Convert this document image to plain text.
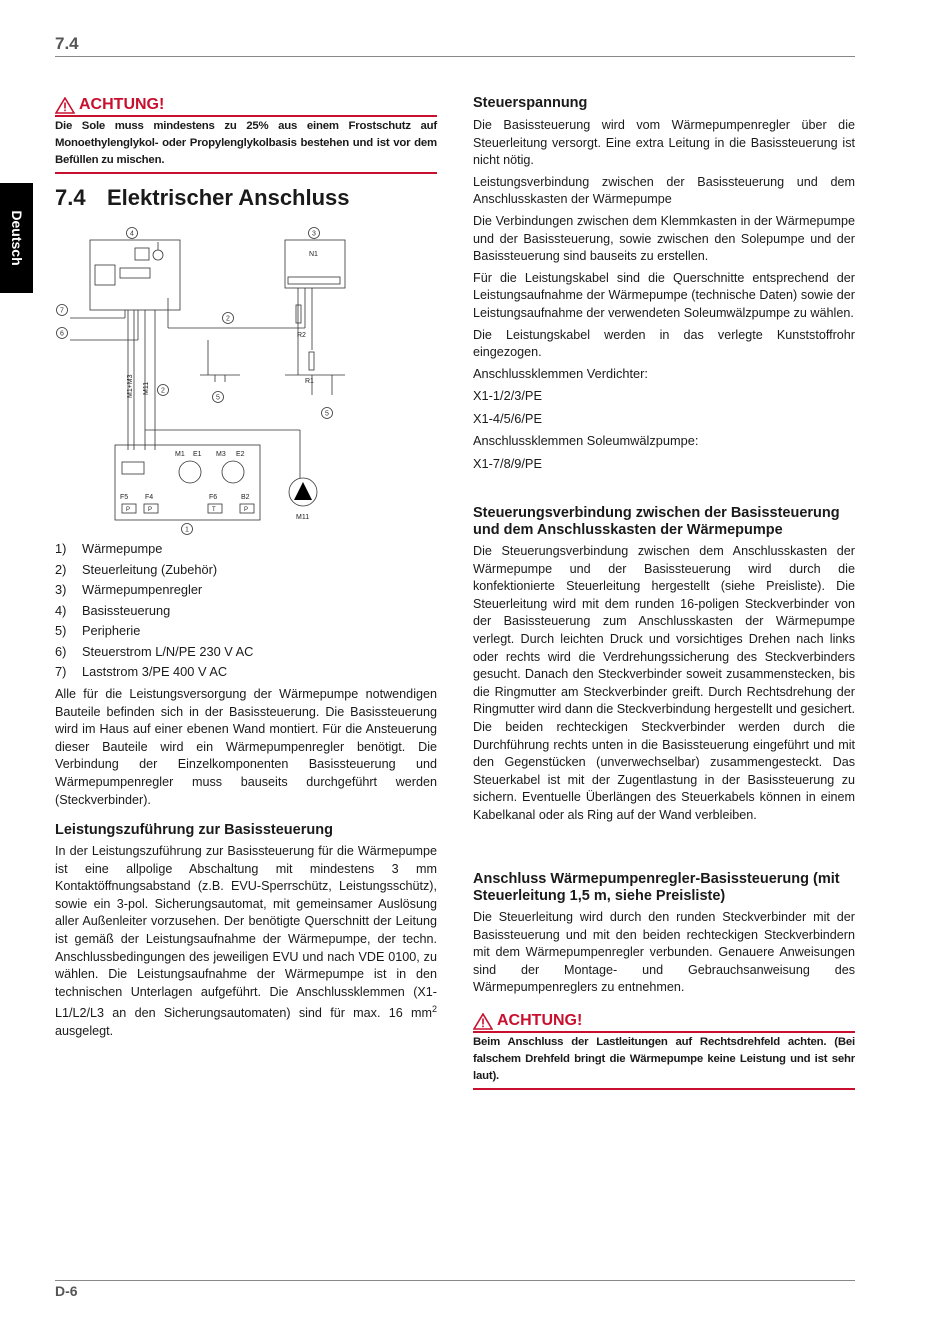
7.4
Deutsch
ACHTUNG!
Die Sole muss mindestens zu 25% aus einem Frostschutz auf Monoethylenglykol- oder Propylenglykolbasis bestehen und ist vor dem Befüllen zu mischen.
7.4 Elektrischer Anschluss
4	3
7
6
2
2
5
5
1
N1
R2
R1
M1+M3 M11
M1 E1 M3 E2
F5 F4	F6	B2
P	P	T	P
M11
1)	Wärmepumpe
2)	Steuerleitung (Zubehör)
3)	Wärmepumpenregler
4)	Basissteuerung
5)	Peripherie
6)	Steuerstrom L/N/PE 230 V AC
7)	Laststrom 3/PE 400 V AC

Alle für die Leistungsversorgung der Wärmepumpe notwendigen Bauteile befinden sich in der Basissteuerung. Die Basissteuerung wird im Haus auf einer ebenen Wand montiert. Für die Ansteuerung dieser Bauteile wird ein Wärmepumpenregler benötigt. Die Verbindung der Einzelkomponenten Basissteuerung und Wärmepumpenregler muss bauseits durchgeführt werden (Steckverbinder).

Leistungszuführung zur Basissteuerung

In der Leistungszuführung zur Basissteuerung für die Wärmepumpe ist eine allpolige Abschaltung mit mindestens 3 mm Kontaktöffnungsabstand (z.B. EVU-Sperrschütz, Leistungsschütz), sowie ein 3-pol. Sicherungsautomat, mit gemeinsamer Auslösung aller Außenleiter vorzusehen. Der benötigte Querschnitt der Leitung ist gemäß der Leistungsaufnahme der Wärmepumpe, der techn. Anschlussbedingungen des jeweiligen EVU und nach VDE 0100, zu wählen. Die Leistungsaufnahme der Wärmepumpe ist in den technischen Unterlagen aufgeführt. Die Anschlussklemmen (X1-L1/L2/L3 an den Sicherungsautomaten) sind für max. 16 $mm^2$ ausgelegt.

Steuerspannung

Die Basissteuerung wird vom Wärmepumpenregler über die Steuerleitung versorgt. Eine extra Leitung in die Basissteuerung ist nicht nötig.

Leistungsverbindung zwischen der Basissteuerung und dem Anschlusskasten der Wärmepumpe

Die Verbindungen zwischen dem Klemmkasten in der Wärmepumpe und der Basissteuerung, sowie zwischen den Solepumpe und der Basissteuerung sind bauseits zu erstellen.

Für die Leistungskabel sind die Querschnitte entsprechend der Leistungsaufnahme der Wärmepumpe (technische Daten) sowie der Leistungsaufnahme der verwendeten Soleumwälzpumpe zu wählen.

Die Leistungskabel werden in das verlegte Kunststoffrohr eingezogen.

Anschlussklemmen Verdichter:

X1-1/2/3/PE

X1-4/5/6/PE

Anschlussklemmen Soleumwälzpumpe:

X1-7/8/9/PE

Steuerungsverbindung zwischen der Basissteuerung und dem Anschlusskasten der Wärmepumpe

Die Steuerungsverbindung zwischen dem Anschlusskasten der Wärmepumpe und der Basissteuerung wird durch die konfektionierte Steuerleitung hergestellt (siehe Preisliste). Die Steuerleitung wird mit dem runden 16-poligen Steckverbinder von der Basissteuerung zum Anschlusskasten der Wärmepumpe verlegt. Durch leichten Druck und vorsichtiges Drehen nach links oder rechts wird die Verdrehungssicherung des Steckverbinders gesucht. Danach den Steckverbinder soweit zusammenstecken, bis die Ringmutter am Steckverbinder greift. Durch Rechtsdrehung der Ringmutter wird dann die Steckverbindung hergestellt und gesichert. Die beiden rechteckigen Steckverbinder werden durch die Durchführung rechts unten in die Basissteuerung eingeführt und mit den Gegenstücken (unverwechselbar) zusammengesteckt. Das Steuerkabel ist mit der Zugentlastung in der Basissteuerung zu sichern. Eventuelle Überlängen des Steuerkabels können in einem Kabelkanal oder als Ring auf der Wand verbleiben.

Anschluss Wärmepumpenregler-Basissteuerung (mit Steuerleitung 1,5 m, siehe Preisliste)

Die Steuerleitung wird durch den runden Steckverbinder mit der Basissteuerung und mit den beiden rechteckigen Steckverbindern mit dem Wärmepumpenregler verbunden. Genauere Anweisungen sind der Montage- und Gebrauchsanweisung des Wärmepumpenreglers zu entnehmen.

ACHTUNG!
Beim Anschluss der Lastleitungen auf Rechtsdrehfeld achten. (Bei falschem Drehfeld bringt die Wärmepumpe keine Leistung und ist sehr laut).
D-6
